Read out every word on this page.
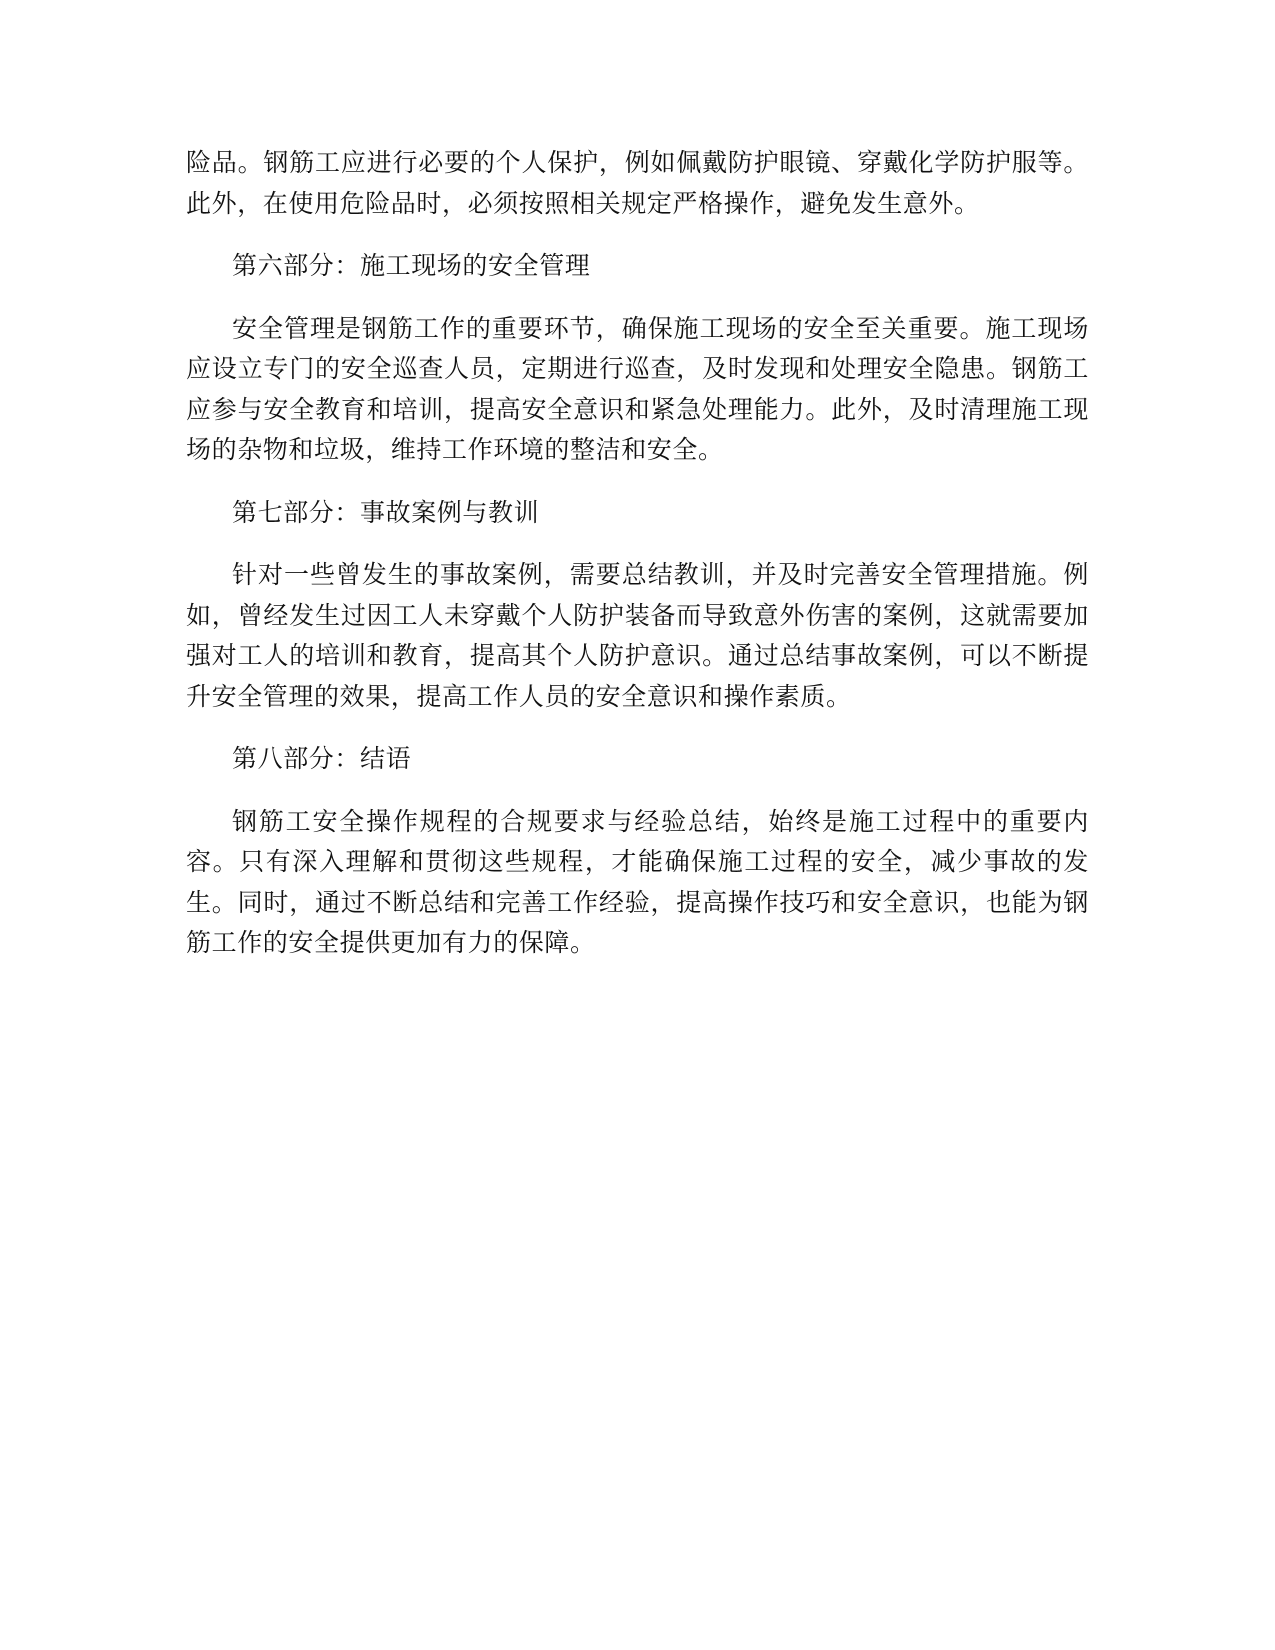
险品。钢筋工应进行必要的个人保护，例如佩戴防护眼镜、穿戴化学防护服等。此外，在使用危险品时，必须按照相关规定严格操作，避免发生意外。

第六部分：施工现场的安全管理

安全管理是钢筋工作的重要环节，确保施工现场的安全至关重要。施工现场应设立专门的安全巡查人员，定期进行巡查，及时发现和处理安全隐患。钢筋工应参与安全教育和培训，提高安全意识和紧急处理能力。此外，及时清理施工现场的杂物和垃圾，维持工作环境的整洁和安全。

第七部分：事故案例与教训

针对一些曾发生的事故案例，需要总结教训，并及时完善安全管理措施。例如，曾经发生过因工人未穿戴个人防护装备而导致意外伤害的案例，这就需要加强对工人的培训和教育，提高其个人防护意识。通过总结事故案例，可以不断提升安全管理的效果，提高工作人员的安全意识和操作素质。

第八部分：结语

钢筋工安全操作规程的合规要求与经验总结，始终是施工过程中的重要内容。只有深入理解和贯彻这些规程，才能确保施工过程的安全，减少事故的发生。同时，通过不断总结和完善工作经验，提高操作技巧和安全意识，也能为钢筋工作的安全提供更加有力的保障。
